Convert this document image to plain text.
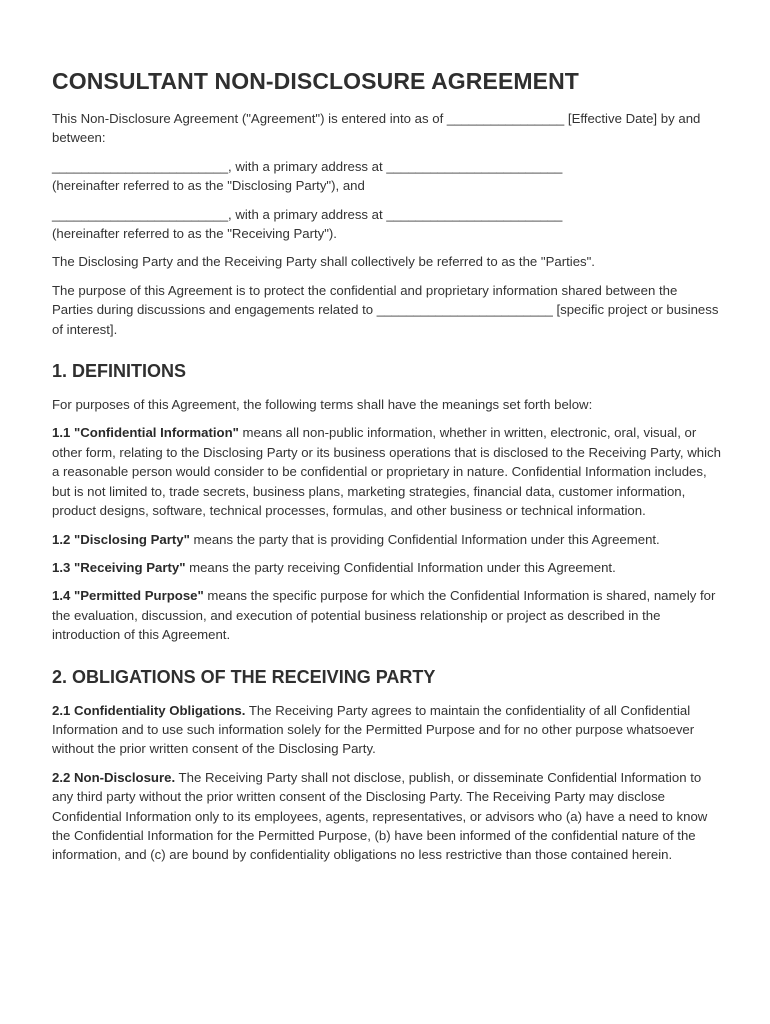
CONSULTANT NON-DISCLOSURE AGREEMENT

This Non-Disclosure Agreement ("Agreement") is entered into as of ________________ [Effective Date] by and between:

________________________, with a primary address at ________________________
(hereinafter referred to as the "Disclosing Party"), and

________________________, with a primary address at ________________________
(hereinafter referred to as the "Receiving Party").

The Disclosing Party and the Receiving Party shall collectively be referred to as the "Parties".

The purpose of this Agreement is to protect the confidential and proprietary information shared between the Parties during discussions and engagements related to ________________________ [specific project or business of interest].

1. DEFINITIONS

For purposes of this Agreement, the following terms shall have the meanings set forth below:

1.1 "Confidential Information" means all non-public information, whether in written, electronic, oral, visual, or other form, relating to the Disclosing Party or its business operations that is disclosed to the Receiving Party, which a reasonable person would consider to be confidential or proprietary in nature. Confidential Information includes, but is not limited to, trade secrets, business plans, marketing strategies, financial data, customer information, product designs, software, technical processes, formulas, and other business or technical information.

1.2 "Disclosing Party" means the party that is providing Confidential Information under this Agreement.

1.3 "Receiving Party" means the party receiving Confidential Information under this Agreement.

1.4 "Permitted Purpose" means the specific purpose for which the Confidential Information is shared, namely for the evaluation, discussion, and execution of potential business relationship or project as described in the introduction of this Agreement.

2. OBLIGATIONS OF THE RECEIVING PARTY

2.1 Confidentiality Obligations. The Receiving Party agrees to maintain the confidentiality of all Confidential Information and to use such information solely for the Permitted Purpose and for no other purpose whatsoever without the prior written consent of the Disclosing Party.

2.2 Non-Disclosure. The Receiving Party shall not disclose, publish, or disseminate Confidential Information to any third party without the prior written consent of the Disclosing Party. The Receiving Party may disclose Confidential Information only to its employees, agents, representatives, or advisors who (a) have a need to know the Confidential Information for the Permitted Purpose, (b) have been informed of the confidential nature of the information, and (c) are bound by confidentiality obligations no less restrictive than those contained herein.
